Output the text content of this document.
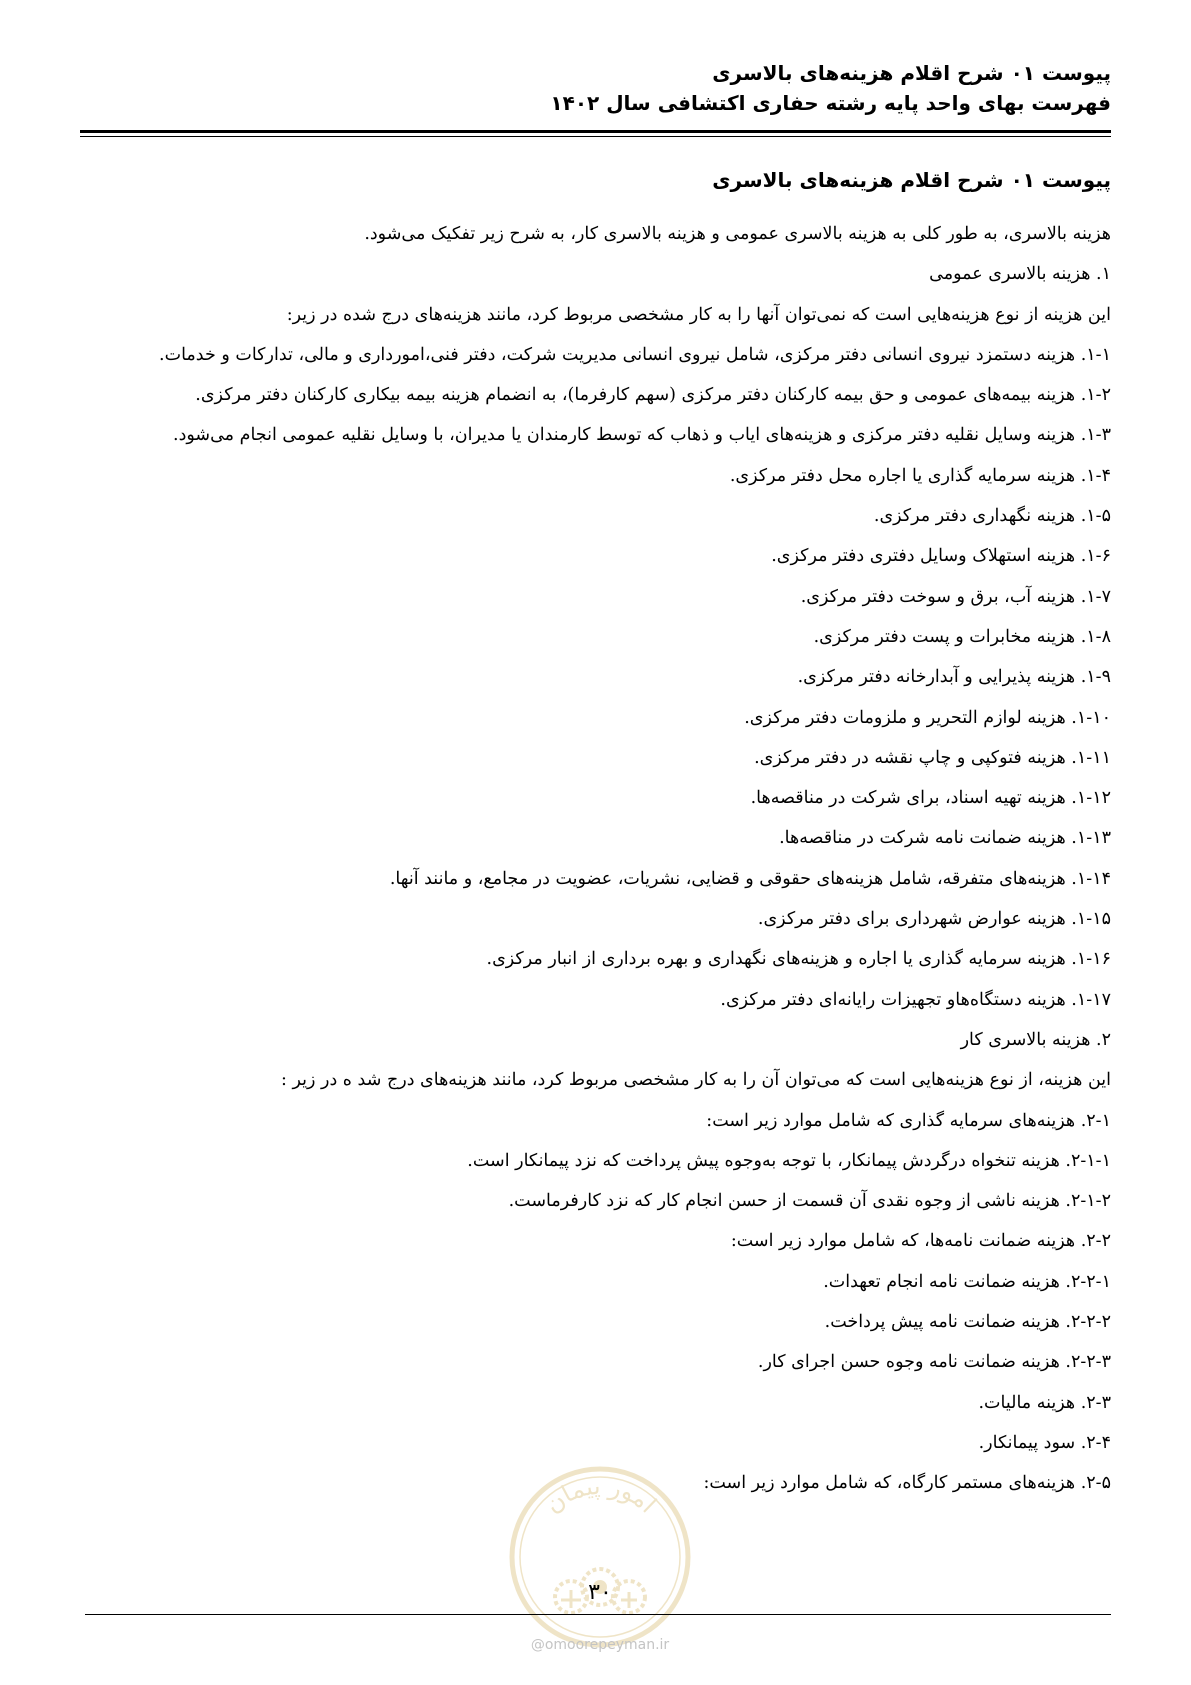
پیوست ۰۱ شرح اقلام هزینه‌های بالاسری
فهرست بهای واحد پایه رشته حفاری اکتشافی سال ۱۴۰۲
پیوست ۰۱ شرح اقلام هزینه‌های بالاسری
هزینه بالاسری، به طور کلی به هزینه بالاسری عمومی و هزینه بالاسری کار، به شرح زیر تفکیک می‌شود.
۱. هزینه بالاسری عمومی
این هزینه از نوع هزینه‌هایی است که نمی‌توان آنها را به کار مشخصی مربوط کرد، مانند هزینه‌های درج شده در زیر:
۱-۱. هزینه دستمزد نیروی انسانی دفتر مرکزی، شامل نیروی انسانی مدیریت شرکت، دفتر فنی،امورداری و مالی، تدارکات و خدمات.
۱-۲. هزینه بیمه‌های عمومی و حق بیمه کارکنان دفتر مرکزی (سهم کارفرما)، به انضمام هزینه بیمه بیکاری کارکنان دفتر مرکزی.
۱-۳. هزینه وسایل نقلیه دفتر مرکزی و هزینه‌های ایاب و ذهاب که توسط کارمندان یا مدیران، با وسایل نقلیه عمومی انجام می‌شود.
۱-۴. هزینه سرمایه گذاری یا اجاره محل دفتر مرکزی.
۱-۵. هزینه نگهداری دفتر مرکزی.
۱-۶. هزینه استهلاک وسایل دفتری دفتر مرکزی.
۱-۷. هزینه آب، برق و سوخت دفتر مرکزی.
۱-۸. هزینه مخابرات و پست دفتر مرکزی.
۱-۹. هزینه پذیرایی و آبدارخانه دفتر مرکزی.
۱-۱۰. هزینه لوازم التحریر و ملزومات دفتر مرکزی.
۱-۱۱. هزینه فتوکپی و چاپ نقشه در دفتر مرکزی.
۱-۱۲. هزینه تهیه اسناد، برای شرکت در مناقصه‌ها.
۱-۱۳. هزینه ضمانت نامه شرکت در مناقصه‌ها.
۱-۱۴. هزینه‌های متفرقه، شامل هزینه‌های حقوقی و قضایی، نشریات، عضویت در مجامع، و مانند آنها.
۱-۱۵. هزینه عوارض شهرداری برای دفتر مرکزی.
۱-۱۶. هزینه سرمایه گذاری یا اجاره و هزینه‌های نگهداری و بهره برداری از انبار مرکزی.
۱-۱۷. هزینه دستگاه‌هاو تجهیزات رایانه‌ای دفتر مرکزی.
۲. هزینه بالاسری کار
این هزینه، از نوع هزینه‌هایی است که می‌توان آن را به کار مشخصی مربوط کرد، مانند هزینه‌های درج شد ه در زیر :
۲-۱. هزینه‌های سرمایه گذاری که شامل موارد زیر است:
۲-۱-۱. هزینه تنخواه درگردش پیمانکار، با توجه به‌وجوه پیش پرداخت که نزد پیمانکار است.
۲-۱-۲. هزینه ناشی از وجوه نقدی آن قسمت از حسن انجام کار که نزد کارفرماست.
۲-۲. هزینه ضمانت نامه‌ها، که شامل موارد زیر است:
۲-۲-۱. هزینه ضمانت نامه انجام تعهدات.
۲-۲-۲. هزینه ضمانت نامه پیش پرداخت.
۲-۲-۳. هزینه ضمانت نامه وجوه حسن اجرای کار.
۲-۳. هزینه مالیات.
۲-۴. سود پیمانکار.
۲-۵. هزینه‌های مستمر کارگاه، که شامل موارد زیر است:
امور پیمان
۳۰
@omoorepeyman.ir
